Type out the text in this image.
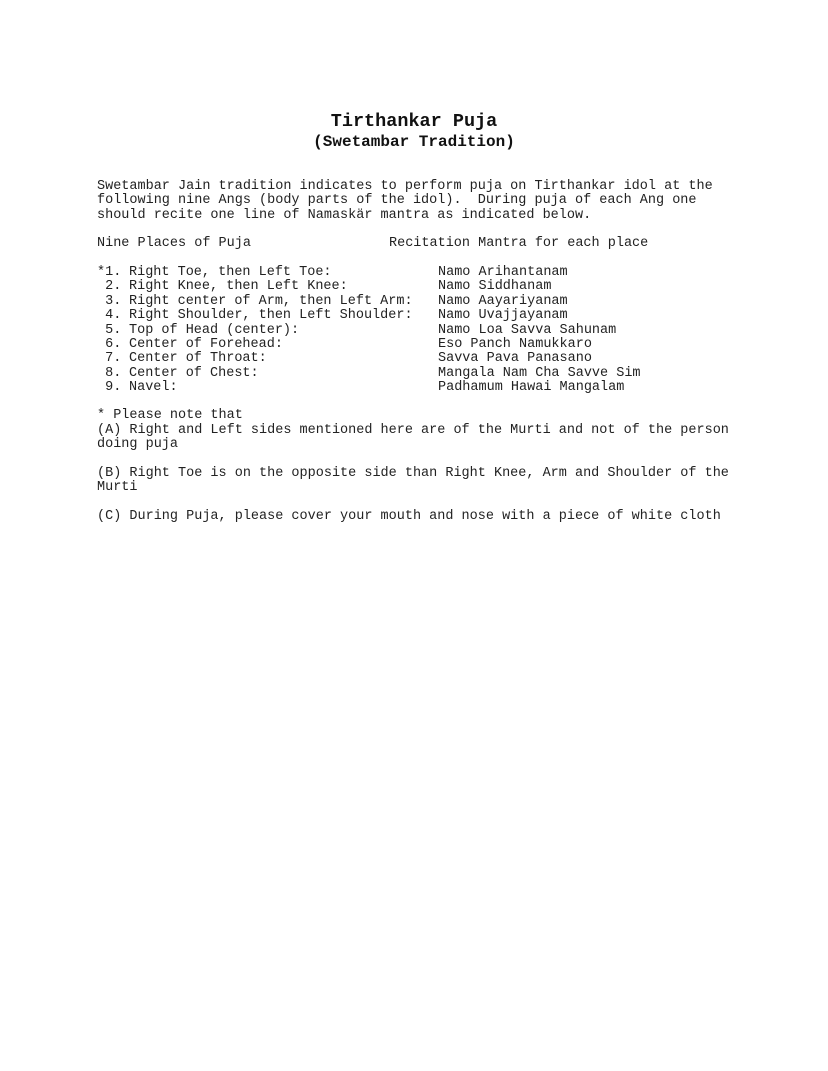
Tirthankar Puja
(Swetambar Tradition)
Swetambar Jain tradition indicates to perform puja on Tirthankar idol at the
following nine Angs (body parts of the idol).  During puja of each Ang one
should recite one line of Namaskär mantra as indicated below.
Nine Places of Puja	Recitation Mantra for each place
*1. Right Toe, then Left Toe:	Namo Arihantanam
2. Right Knee, then Left Knee:	Namo Siddhanam
3. Right center of Arm, then Left Arm: Namo Aayariyanam
4. Right Shoulder, then Left Shoulder: Namo Uvajjayanam
5. Top of Head (center):	Namo Loa Savva Sahunam
6. Center of Forehead:	Eso Panch Namukkaro
7. Center of Throat:	Savva Pava Panasano
8. Center of Chest:	Mangala Nam Cha Savve Sim
9. Navel:	Padhamum Hawai Mangalam
* Please note that
(A) Right and Left sides mentioned here are of the Murti and not of the person
doing puja
(B) Right Toe is on the opposite side than Right Knee, Arm and Shoulder of the
Murti
(C) During Puja, please cover your mouth and nose with a piece of white cloth
